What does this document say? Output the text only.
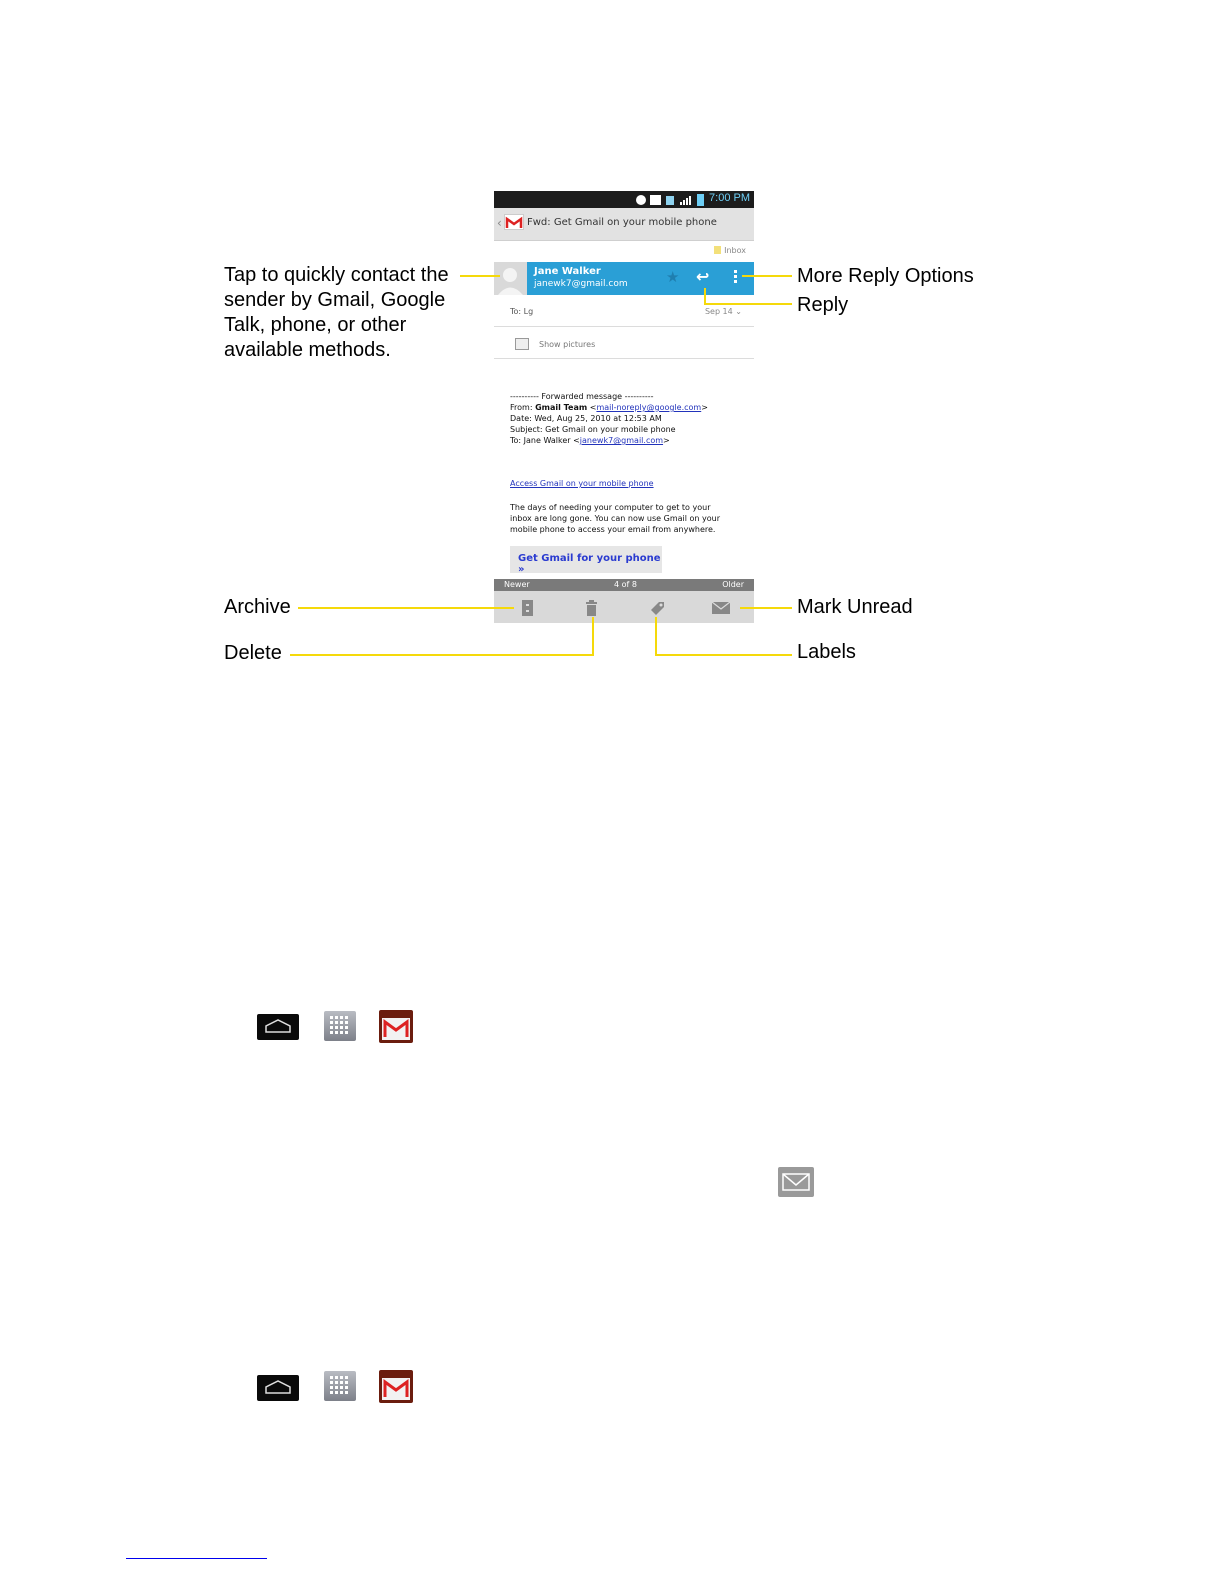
7:00 PM
‹	Fwd: Get Gmail on your mobile phone
Inbox
Jane Walker
janewk7@gmail.com	★ ↩
To: Lg	Sep 14 ⌄
Show pictures
---------- Forwarded message ----------
From: Gmail Team <mail-noreply@google.com>
Date: Wed, Aug 25, 2010 at 12:53 AM
Subject: Get Gmail on your mobile phone
To: Jane Walker <janewk7@gmail.com>
Access Gmail on your mobile phone
The days of needing your computer to get to your
inbox are long gone. You can now use Gmail on your
mobile phone to access your email from anywhere.
Get Gmail for your phone »
Newer	4 of 8	Older
Tap to quickly contact the
sender by Gmail, Google
Talk, phone, or other
available methods.
More Reply Options
Reply
Archive	Mark Unread
Delete	Labels
